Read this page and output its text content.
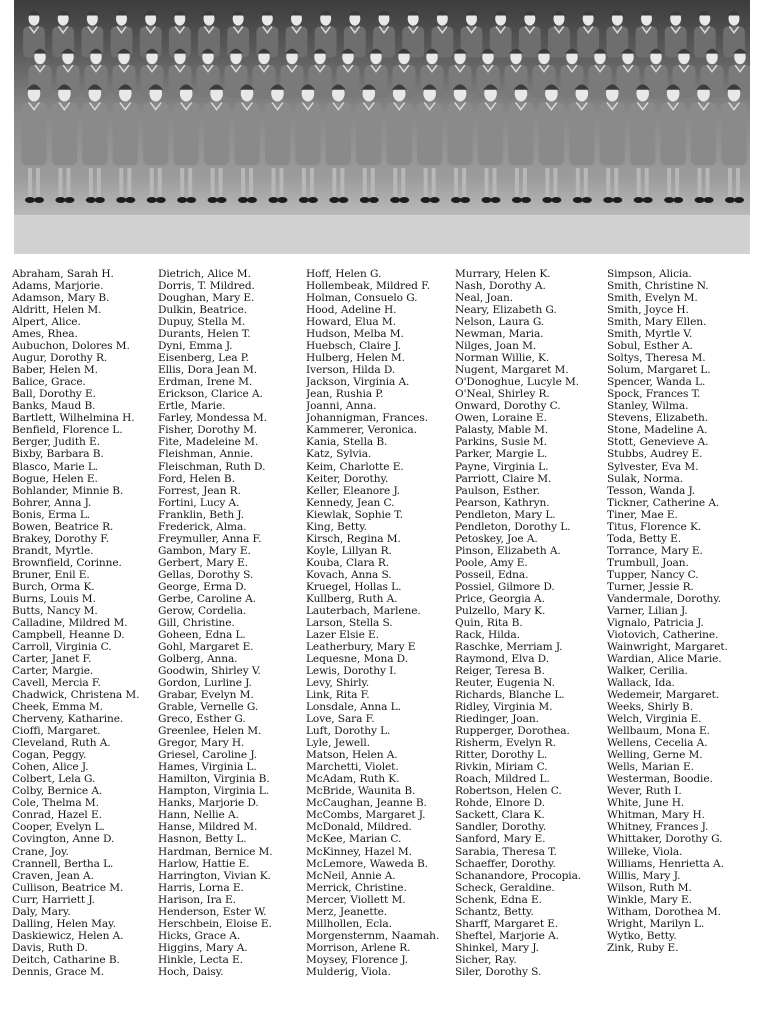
Abraham, Sarah H.
Adams, Marjorie.
Adamson, Mary B.
Aldritt, Helen M.
Alpert, Alice.
Ames, Rhea.
Aubuchon, Dolores M.
Augur, Dorothy R.
Baber, Helen M.
Balice, Grace.
Ball, Dorothy E.
Banks, Maud B.
Bartlett, Wilhelmina H.
Benfield, Florence L.
Berger, Judith E.
Bixby, Barbara B.
Blasco, Marie L.
Bogue, Helen E.
Bohlander, Minnie B.
Bohrer, Anna J.
Bonis, Erma L.
Bowen, Beatrice R.
Brakey, Dorothy F.
Brandt, Myrtle.
Brownfield, Corinne.
Bruner, Enil E.
Burch, Orma K.
Burns, Louis M.
Butts, Nancy M.
Calladine, Mildred M.
Campbell, Heanne D.
Carroll, Virginia C.
Carter, Janet F.
Carter, Margie.
Cavell, Mercia F.
Chadwick, Christena M.
Cheek, Emma M.
Cherveny, Katharine.
Cioffi, Margaret.
Cleveland, Ruth A.
Cogan, Peggy.
Cohen, Alice J.
Colbert, Lela G.
Colby, Bernice A.
Cole, Thelma M.
Conrad, Hazel E.
Cooper, Evelyn L.
Covington, Anne D.
Crane, Joy.
Crannell, Bertha L.
Craven, Jean A.
Cullison, Beatrice M.
Curr, Harriett J.
Daly, Mary.
Dalling, Helen May.
Daskiewicz, Helen A.
Davis, Ruth D.
Deitch, Catharine B.
Dennis, Grace M.
Dietrich, Alice M.
Dorris, T. Mildred.
Doughan, Mary E.
Dulkin, Beatrice.
Dupuy, Stella M.
Durants, Helen T.
Dyni, Emma J.
Eisenberg, Lea P.
Ellis, Dora Jean M.
Erdman, Irene M.
Erickson, Clarice A.
Ertle, Marie.
Farley, Mondessa M.
Fisher, Dorothy M.
Fite, Madeleine M.
Fleishman, Annie.
Fleischman, Ruth D.
Ford, Helen B.
Forrest, Jean R.
Fortini, Lucy A.
Franklin, Beth J.
Frederick, Alma.
Freymuller, Anna F.
Gambon, Mary E.
Gerbert, Mary E.
Gellas, Dorothy S.
George, Erma D.
Gerbe, Caroline A.
Gerow, Cordelia.
Gill, Christine.
Goheen, Edna L.
Gohl, Margaret E.
Golberg, Anna.
Goodwin, Shirley V.
Gordon, Lurline J.
Grabar, Evelyn M.
Grable, Vernelle G.
Greco, Esther G.
Greenlee, Helen M.
Gregor, Mary H.
Griesel, Caroline J.
Hames, Virginia L.
Hamilton, Virginia B.
Hampton, Virginia L.
Hanks, Marjorie D.
Hann, Nellie A.
Hanse, Mildred M.
Hasnon, Betty L.
Hardman, Bernice M.
Harlow, Hattie E.
Harrington, Vivian K.
Harris, Lorna E.
Harison, Ira E.
Henderson, Ester W.
Herschbein, Eloise E.
Hicks, Grace A.
Higgins, Mary A.
Hinkle, Lecta E.
Hoch, Daisy.
Hoff, Helen G.
Hollembeak, Mildred F.
Holman, Consuelo G.
Hood, Adeline H.
Howard, Elua M.
Hudson, Melba M.
Huebsch, Claire J.
Hulberg, Helen M.
Iverson, Hilda D.
Jackson, Virginia A.
Jean, Rushia P.
Joanni, Anna.
Johannigman, Frances.
Kammerer, Veronica.
Kania, Stella B.
Katz, Sylvia.
Keim, Charlotte E.
Keiter, Dorothy.
Keller, Eleanore J.
Kennedy, Jean C.
Kiewlak, Sophie T.
King, Betty.
Kirsch, Regina M.
Koyle, Lillyan R.
Kouba, Clara R.
Kovach, Anna S.
Kruegel, Hollas L.
Kullberg, Ruth A.
Lauterbach, Marlene.
Larson, Stella S.
Lazer Elsie E.
Leatherbury, Mary E
Lequesne, Mona D.
Lewis, Dorothy I.
Levy, Shirly.
Link, Rita F.
Lonsdale, Anna L.
Love, Sara F.
Luft, Dorothy L.
Lyle, Jewell.
Matson, Helen A.
Marchetti, Violet.
McAdam, Ruth K.
McBride, Waunita B.
McCaughan, Jeanne B.
McCombs, Margaret J.
McDonald, Mildred.
McKee, Marian C.
McKinney, Hazel M.
McLemore, Waweda B.
McNeil, Annie A.
Merrick, Christine.
Mercer, Viollett M.
Merz, Jeanette.
Millhollen, Ecla.
Morgensternm, Naamah.
Morrison, Arlene R.
Moysey, Florence J.
Mulderig, Viola.
Murrary, Helen K.
Nash, Dorothy A.
Neal, Joan.
Neary, Elizabeth G.
Nelson, Laura G.
Newman, Maria.
Nilges, Joan M.
Norman Willie, K.
Nugent, Margaret M.
O'Donoghue, Lucyle M.
O'Neal, Shirley R.
Onward, Dorothy C.
Owen, Loraine E.
Palasty, Mable M.
Parkins, Susie M.
Parker, Margie L.
Payne, Virginia L.
Parriott, Claire M.
Paulson, Esther.
Pearson, Kathryn.
Pendleton, Mary L.
Pendleton, Dorothy L.
Petoskey, Joe A.
Pinson, Elizabeth A.
Poole, Amy E.
Posseil, Edna.
Possiel, Gilmore D.
Price, Georgia A.
Pulzello, Mary K.
Quin, Rita B.
Rack, Hilda.
Raschke, Merriam J.
Raymond, Elva D.
Reiger, Teresa B.
Reuter, Eugenia N.
Richards, Blanche L.
Ridley, Virginia M.
Riedinger, Joan.
Rupperger, Dorothea.
Risherm, Evelyn R.
Ritter, Dorothy L.
Rivkin, Miriam C.
Roach, Mildred L.
Robertson, Helen C.
Rohde, Elnore D.
Sackett, Clara K.
Sandler, Dorothy.
Sanford, Mary E.
Sarabia, Theresa T.
Schaeffer, Dorothy.
Schanandore, Procopia.
Scheck, Geraldine.
Schenk, Edna E.
Schantz, Betty.
Sharff, Margaret E.
Sheftel, Marjorie A.
Shinkel, Mary J.
Sicher, Ray.
Siler, Dorothy S.
Simpson, Alicia.
Smith, Christine N.
Smith, Evelyn M.
Smith, Joyce H.
Smith, Mary Ellen.
Smith, Myrtle V.
Sobul, Esther A.
Soltys, Theresa M.
Solum, Margaret L.
Spencer, Wanda L.
Spock, Frances T.
Stanley, Wilma.
Stevens, Elizabeth.
Stone, Madeline A.
Stott, Genevieve A.
Stubbs, Audrey E.
Sylvester, Eva M.
Sulak, Norma.
Tesson, Wanda J.
Tickner, Catherine A.
Tiner, Mae E.
Titus, Florence K.
Toda, Betty E.
Torrance, Mary E.
Trumbull, Joan.
Tupper, Nancy C.
Turner, Jessie R.
Vandermale, Dorothy.
Varner, Lilian J.
Vignalo, Patricia J.
Viotovich, Catherine.
Wainwright, Margaret.
Wardian, Alice Marie.
Walker, Cerilia.
Wallack, Ida.
Wedemeir, Margaret.
Weeks, Shirly B.
Welch, Virginia E.
Wellbaum, Mona E.
Wellens, Cecelia A.
Welling, Gerne M.
Wells, Marian E.
Westerman, Boodie.
Wever, Ruth I.
White, June H.
Whitman, Mary H.
Whitney, Frances J.
Whittaker, Dorothy G.
Willeke, Viola.
Williams, Henrietta A.
Willis, Mary J.
Wilson, Ruth M.
Winkle, Mary E.
Witham, Dorothea M.
Wright, Marilyn L.
Wytko, Betty.
Zink, Ruby E.
